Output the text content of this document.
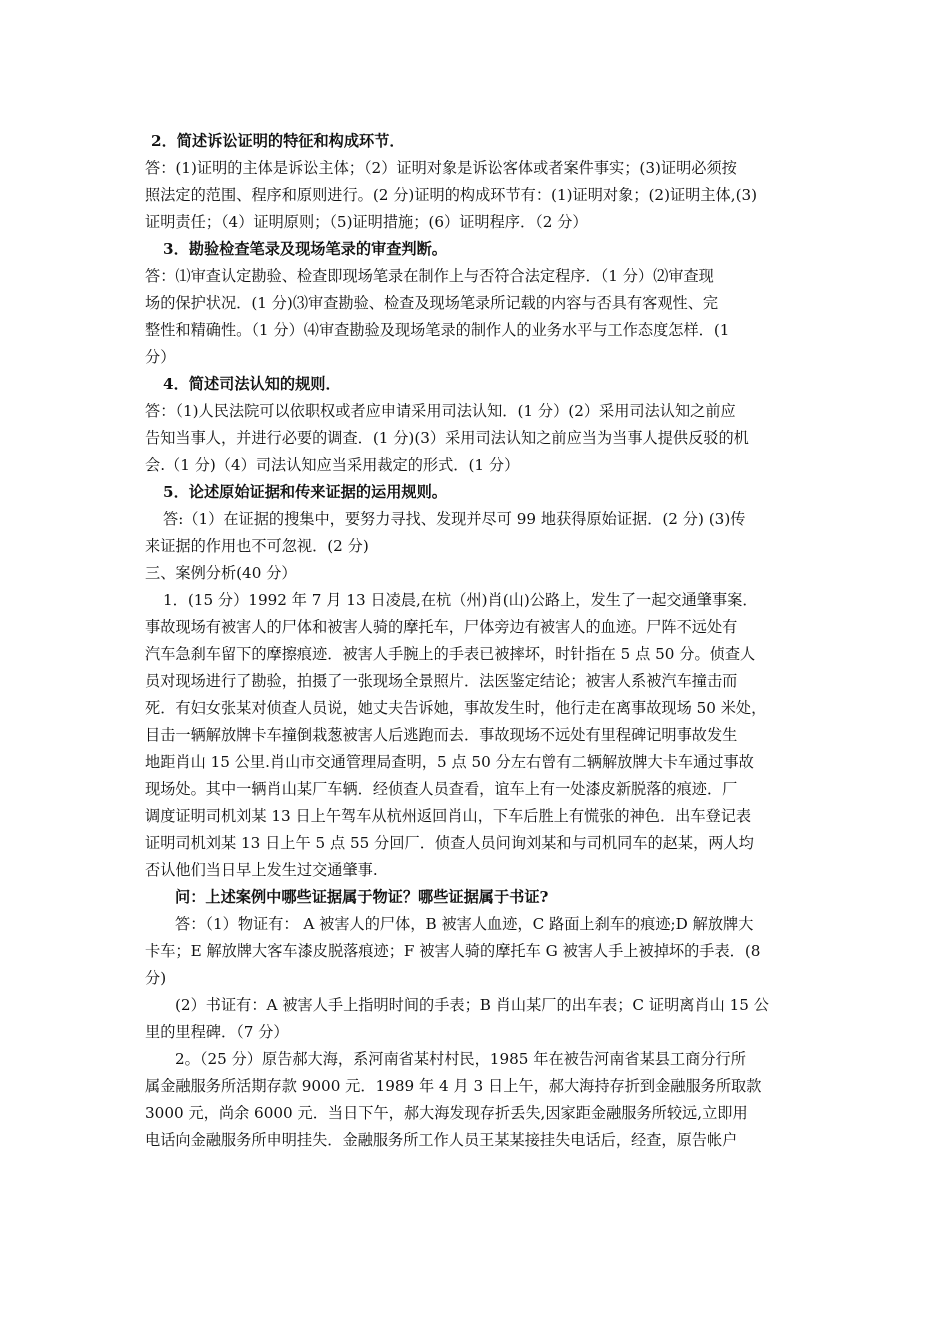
2．简述诉讼证明的特征和构成环节．

答：(1)证明的主体是诉讼主体；（2）证明对象是诉讼客体或者案件事实；(3)证明必须按

照法定的范围、程序和原则进行。(2 分)证明的构成环节有：(1)证明对象；(2)证明主体,(3)

证明责任；（4）证明原则；（5)证明措施；(6）证明程序．（2 分）

3．勘验检查笔录及现场笔录的审查判断。

答：⑴审查认定勘验、检查即现场笔录在制作上与否符合法定程序．（1 分）⑵审查现

场的保护状况．(1 分)⑶审查勘验、检查及现场笔录所记载的内容与否具有客观性、完

整性和精确性。（1 分）⑷审查勘验及现场笔录的制作人的业务水平与工作态度怎样．(1

分）

4．简述司法认知的规则．

答：（1)人民法院可以依职权或者应申请采用司法认知．(1 分）(2）采用司法认知之前应

告知当事人，并进行必要的调查．(1 分)(3）采用司法认知之前应当为当事人提供反驳的机

会.（1 分)（4）司法认知应当采用裁定的形式．(1 分）

5．论述原始证据和传来证据的运用规则。

答:（1）在证据的搜集中，要努力寻找、发现并尽可 99 地获得原始证据．(2 分) (3)传

来证据的作用也不可忽视．(2 分)

三、案例分析(40 分）

1．(15 分）1992 年 7 月 13 日凌晨,在杭（州)肖(山)公路上，发生了一起交通肇事案．

事故现场有被害人的尸体和被害人骑的摩托车，尸体旁边有被害人的血迹。尸阵不远处有

汽车急刹车留下的摩擦痕迹．被害人手腕上的手表已被摔坏，时针指在 5 点 50 分。侦查人

员对现场进行了勘验，拍摄了一张现场全景照片．法医鉴定结论；被害人系被汽车撞击而

死．有妇女张某对侦查人员说，她丈夫告诉她，事故发生时，他行走在离事故现场 50 米处，

目击一辆解放牌卡车撞倒栽葱被害人后逃跑而去．事故现场不远处有里程碑记明事故发生

地距肖山 15 公里.肖山市交通管理局查明，5 点 50 分左右曾有二辆解放牌大卡车通过事故

现场处。其中一辆肖山某厂车辆．经侦查人员查看，谊车上有一处漆皮新脱落的痕迹．厂

调度证明司机刘某 13 日上午驾车从杭州返回肖山，下车后胜上有慌张的神色．出车登记表

证明司机刘某 13 日上午 5 点 55 分回厂．侦查人员问询刘某和与司机同车的赵某，两人均

否认他们当日早上发生过交通肇事.

问：上述案例中哪些证据属于物证？哪些证据属于书证?

答：（1）物证有： A 被害人的尸体，B 被害人血迹，C 路面上刹车的痕迹;D 解放牌大

卡车；E 解放牌大客车漆皮脱落痕迹；F 被害人骑的摩托车 G 被害人手上被掉坏的手表．(8

分)

(2）书证有：A 被害人手上指明时间的手表；B 肖山某厂的出车表；C 证明离肖山 15 公

里的里程碑．（7 分）

2。（25 分）原告郝大海，系河南省某村村民，1985 年在被告河南省某县工商分行所

属金融服务所活期存款 9000 元．1989 年 4 月 3 日上午，郝大海持存折到金融服务所取款

3000 元，尚余 6000 元．当日下午，郝大海发现存折丢失,因家距金融服务所较远,立即用

电话向金融服务所申明挂失．金融服务所工作人员王某某接挂失电话后，经查，原告帐户
